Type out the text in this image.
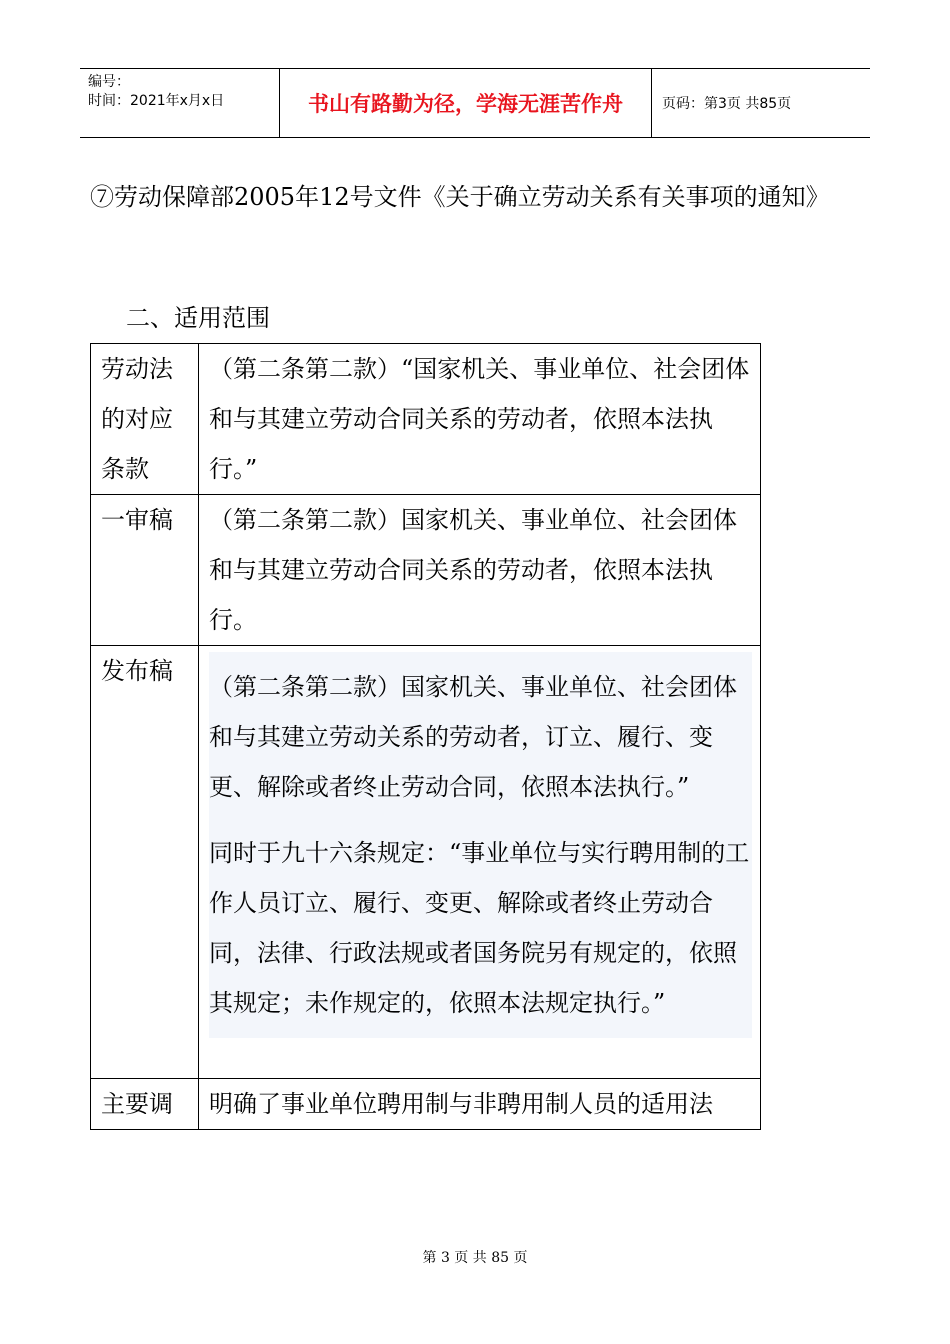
编号：
时间：2021年x月x日	书山有路勤为径，学海无涯苦作舟	页码：第3页 共85页
⑦劳动保障部2005年12号文件《关于确立劳动关系有关事项的通知》
二、适用范围
劳动法的对应条款	（第二条第二款）“国家机关、事业单位、社会团体和与其建立劳动合同关系的劳动者，依照本法执行。”
一审稿	（第二条第二款）国家机关、事业单位、社会团体和与其建立劳动合同关系的劳动者，依照本法执行。
发布稿	（第二条第二款）国家机关、事业单位、社会团体和与其建立劳动关系的劳动者，订立、履行、变更、解除或者终止劳动合同，依照本法执行。”

同时于九十六条规定：“事业单位与实行聘用制的工作人员订立、履行、变更、解除或者终止劳动合同，法律、行政法规或者国务院另有规定的，依照其规定；未作规定的，依照本法规定执行。”

主要调	明确了事业单位聘用制与非聘用制人员的适用法
第 3 页 共 85 页
